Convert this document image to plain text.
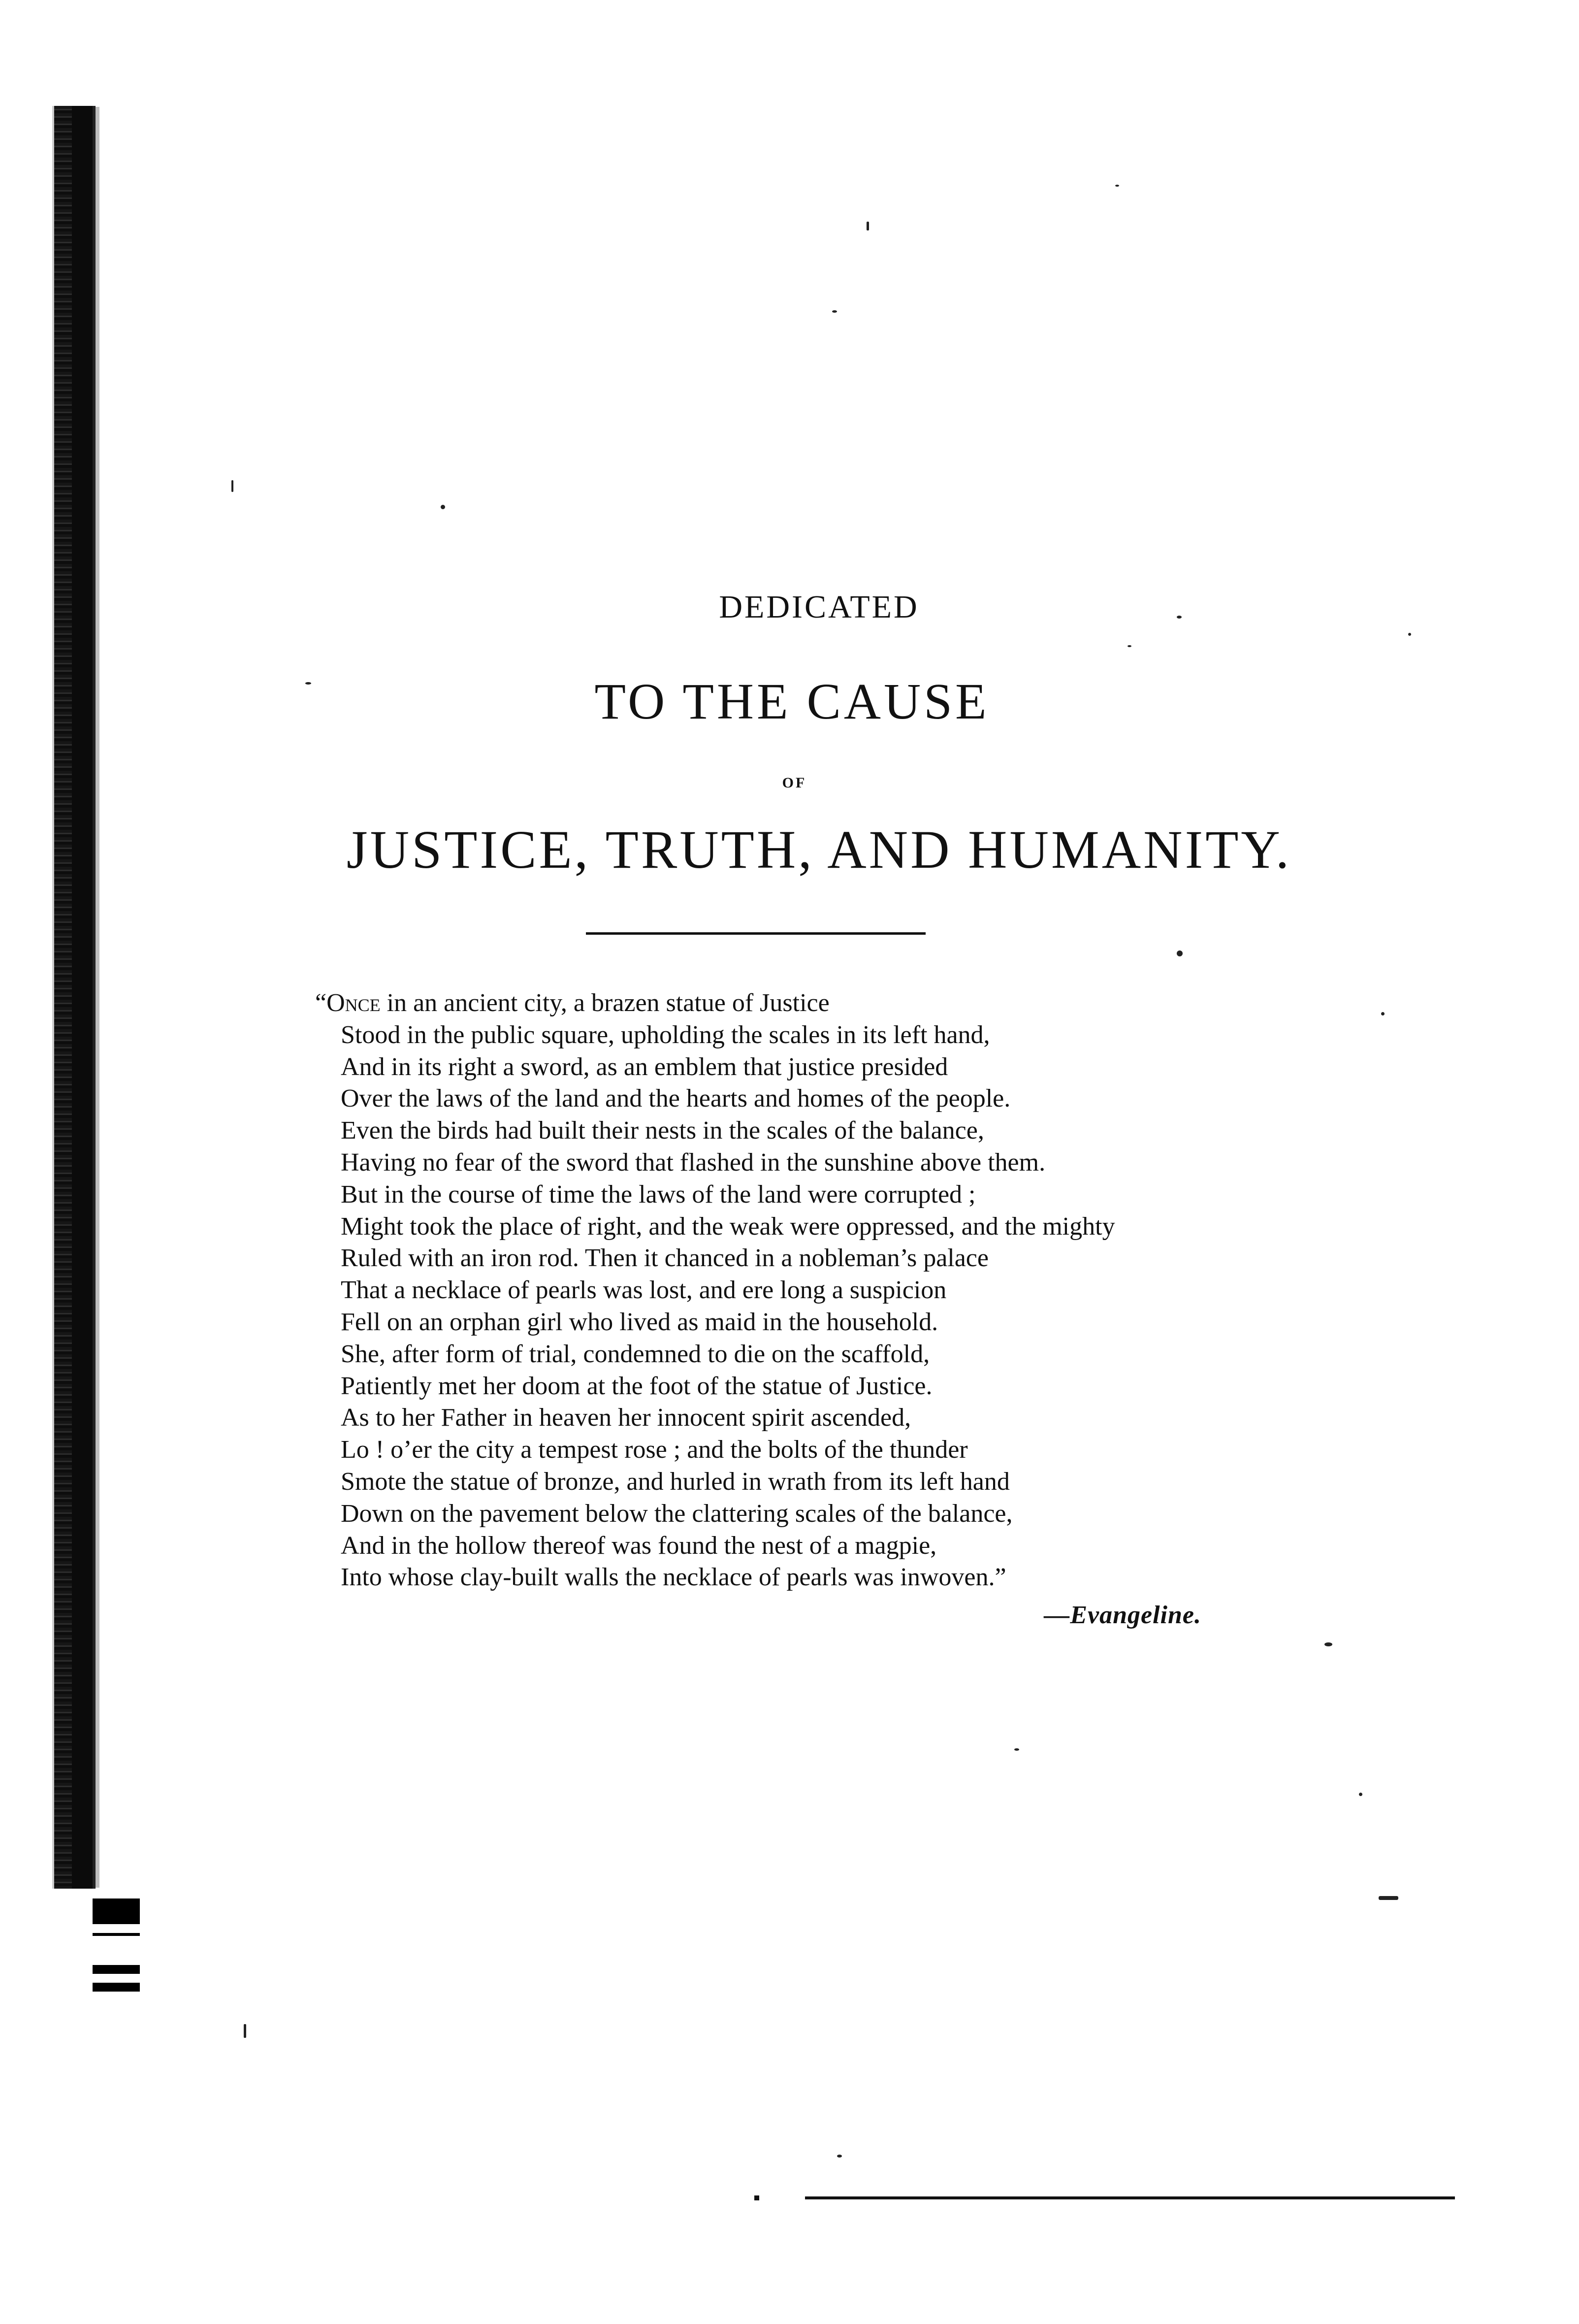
DEDICATED
TO THE CAUSE
OF
JUSTICE, TRUTH, AND HUMANITY.
“Once in an ancient city, a brazen statue of Justice
Stood in the public square, upholding the scales in its left hand,
And in its right a sword, as an emblem that justice presided
Over the laws of the land and the hearts and homes of the people.
Even the birds had built their nests in the scales of the balance,
Having no fear of the sword that flashed in the sunshine above them.
But in the course of time the laws of the land were corrupted ;
Might took the place of right, and the weak were oppressed, and the mighty
Ruled with an iron rod. Then it chanced in a nobleman’s palace
That a necklace of pearls was lost, and ere long a suspicion
Fell on an orphan girl who lived as maid in the household.
She, after form of trial, condemned to die on the scaffold,
Patiently met her doom at the foot of the statue of Justice.
As to her Father in heaven her innocent spirit ascended,
Lo ! o’er the city a tempest rose ; and the bolts of the thunder
Smote the statue of bronze, and hurled in wrath from its left hand
Down on the pavement below the clattering scales of the balance,
And in the hollow thereof was found the nest of a magpie,
Into whose clay-built walls the necklace of pearls was inwoven.”
—Evangeline.
